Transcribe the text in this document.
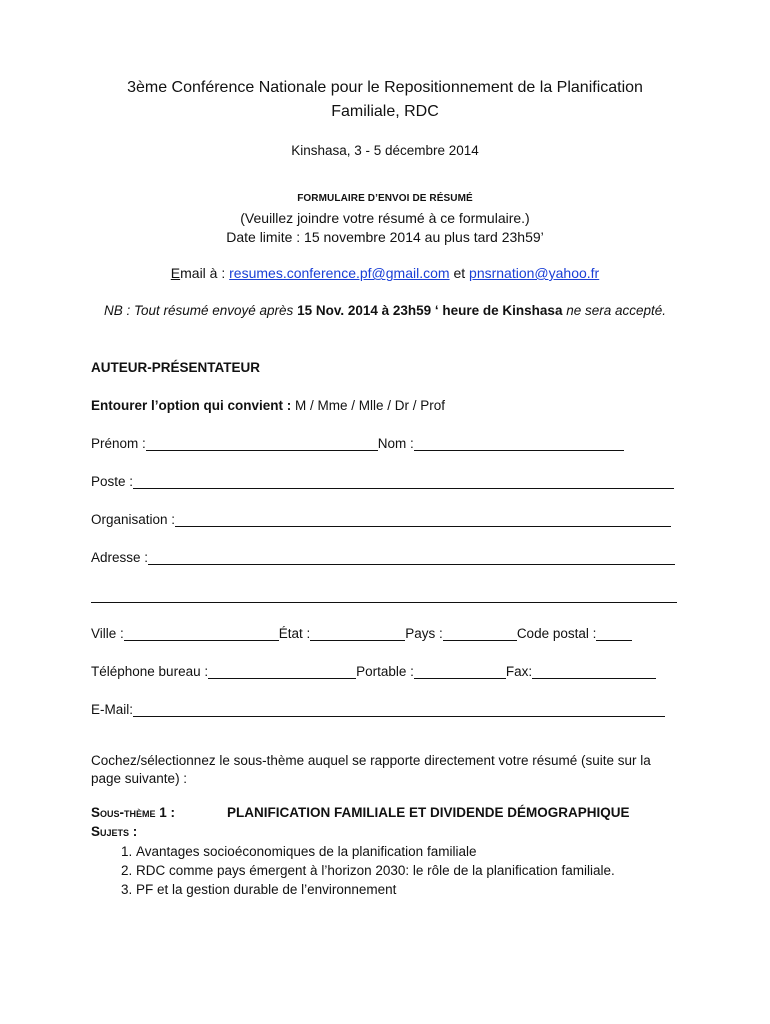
3ème Conférence Nationale pour le Repositionnement de la Planification
Familiale, RDC
Kinshasa, 3 - 5 décembre 2014
FORMULAIRE D’ENVOI DE RÉSUMÉ
(Veuillez joindre votre résumé à ce formulaire.)
Date limite : 15 novembre 2014 au plus tard 23h59’
Email à : resumes.conference.pf@gmail.com et pnsrnation@yahoo.fr
NB : Tout résumé envoyé après 15 Nov. 2014 à 23h59 ‘ heure de Kinshasa ne sera accepté.
AUTEUR-PRÉSENTATEUR
Entourer l’option qui convient : M / Mme / Mlle / Dr / Prof
Prénom :	Nom :
Poste :
Organisation :
Adresse :
Ville :	État :	Pays :	Code postal :
Téléphone bureau :	Portable :	Fax:
E-Mail:
Cochez/sélectionnez le sous-thème auquel se rapporte directement votre résumé (suite sur la page suivante) :
Sous-thème 1 :	PLANIFICATION FAMILIALE ET DIVIDENDE DÉMOGRAPHIQUE
Sujets :
1. Avantages socioéconomiques de la planification familiale
2. RDC comme pays émergent à l’horizon 2030: le rôle de la planification familiale.
3. PF et la gestion durable de l’environnement
